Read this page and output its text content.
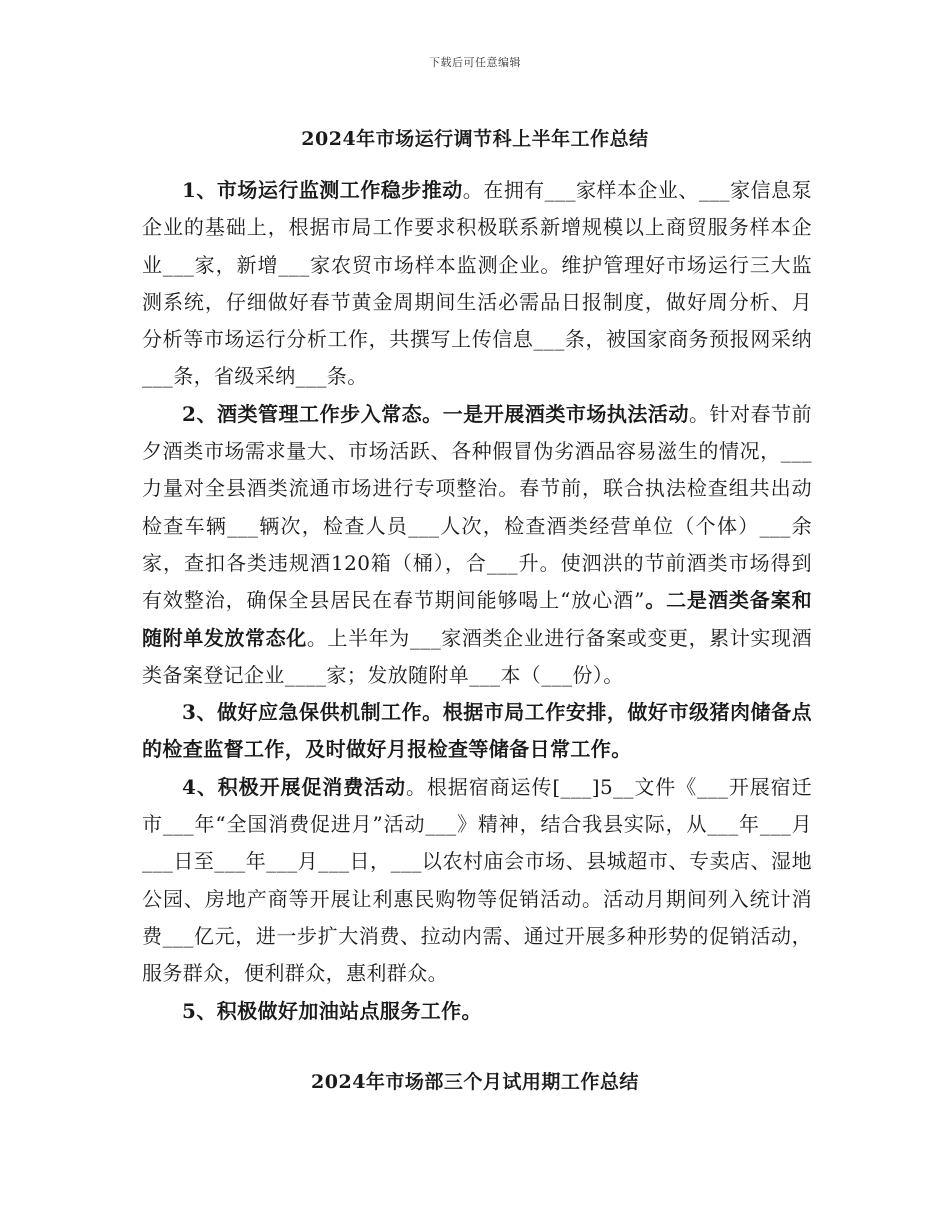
下载后可任意编辑
2024年市场运行调节科上半年工作总结

1、市场运行监测工作稳步推动。在拥有___家样本企业、___家信息泵企业的基础上，根据市局工作要求积极联系新增规模以上商贸服务样本企业___家，新增___家农贸市场样本监测企业。维护管理好市场运行三大监测系统，仔细做好春节黄金周期间生活必需品日报制度，做好周分析、月分析等市场运行分析工作，共撰写上传信息___条，被国家商务预报网采纳___条，省级采纳___条。

2、酒类管理工作步入常态。一是开展酒类市场执法活动。针对春节前夕酒类市场需求量大、市场活跃、各种假冒伪劣酒品容易滋生的情况，___力量对全县酒类流通市场进行专项整治。春节前，联合执法检查组共出动检查车辆___辆次，检查人员___人次，检查酒类经营单位（个体）___余家，查扣各类违规酒120箱（桶），合___升。使泗洪的节前酒类市场得到有效整治，确保全县居民在春节期间能够喝上“放心酒”。二是酒类备案和随附单发放常态化。上半年为___家酒类企业进行备案或变更，累计实现酒类备案登记企业____家；发放随附单___本（___份）。

3、做好应急保供机制工作。根据市局工作安排，做好市级猪肉储备点的检查监督工作，及时做好月报检查等储备日常工作。

4、积极开展促消费活动。根据宿商运传[___]5__文件《___开展宿迁市___年“全国消费促进月”活动___》精神，结合我县实际，从___年___月___日至___年___月___日，___以农村庙会市场、县城超市、专卖店、湿地公园、房地产商等开展让利惠民购物等促销活动。活动月期间列入统计消费___亿元，进一步扩大消费、拉动内需、通过开展多种形势的促销活动，服务群众，便利群众，惠利群众。

5、积极做好加油站点服务工作。

2024年市场部三个月试用期工作总结
